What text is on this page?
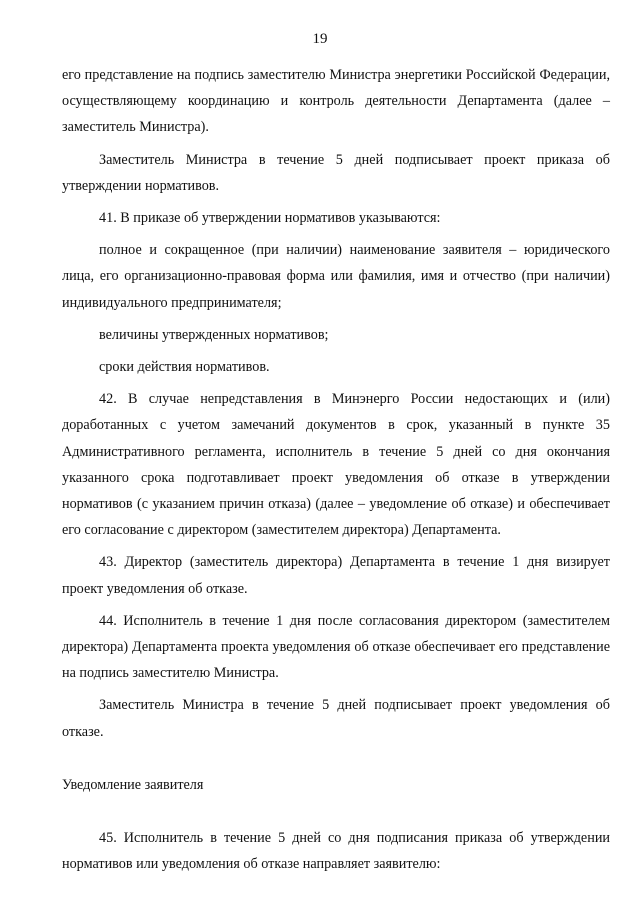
19

его представление на подпись заместителю Министра энергетики Российской Федерации, осуществляющему координацию и контроль деятельности Департамента (далее – заместитель Министра).

Заместитель Министра в течение 5 дней подписывает проект приказа об утверждении нормативов.

41. В приказе об утверждении нормативов указываются:

полное и сокращенное (при наличии) наименование заявителя – юридического лица, его организационно-правовая форма или фамилия, имя и отчество (при наличии) индивидуального предпринимателя;

величины утвержденных нормативов;

сроки действия нормативов.

42. В случае непредставления в Минэнерго России недостающих и (или) доработанных с учетом замечаний документов в срок, указанный в пункте 35 Административного регламента, исполнитель в течение 5 дней со дня окончания указанного срока подготавливает проект уведомления об отказе в утверждении нормативов (с указанием причин отказа) (далее – уведомление об отказе) и обеспечивает его согласование с директором (заместителем директора) Департамента.

43. Директор (заместитель директора) Департамента в течение 1 дня визирует проект уведомления об отказе.

44. Исполнитель в течение 1 дня после согласования директором (заместителем директора) Департамента проекта уведомления об отказе обеспечивает его представление на подпись заместителю Министра.

Заместитель Министра в течение 5 дней подписывает проект уведомления об отказе.

Уведомление заявителя

45. Исполнитель в течение 5 дней со дня подписания приказа об утверждении нормативов или уведомления об отказе направляет заявителю:
